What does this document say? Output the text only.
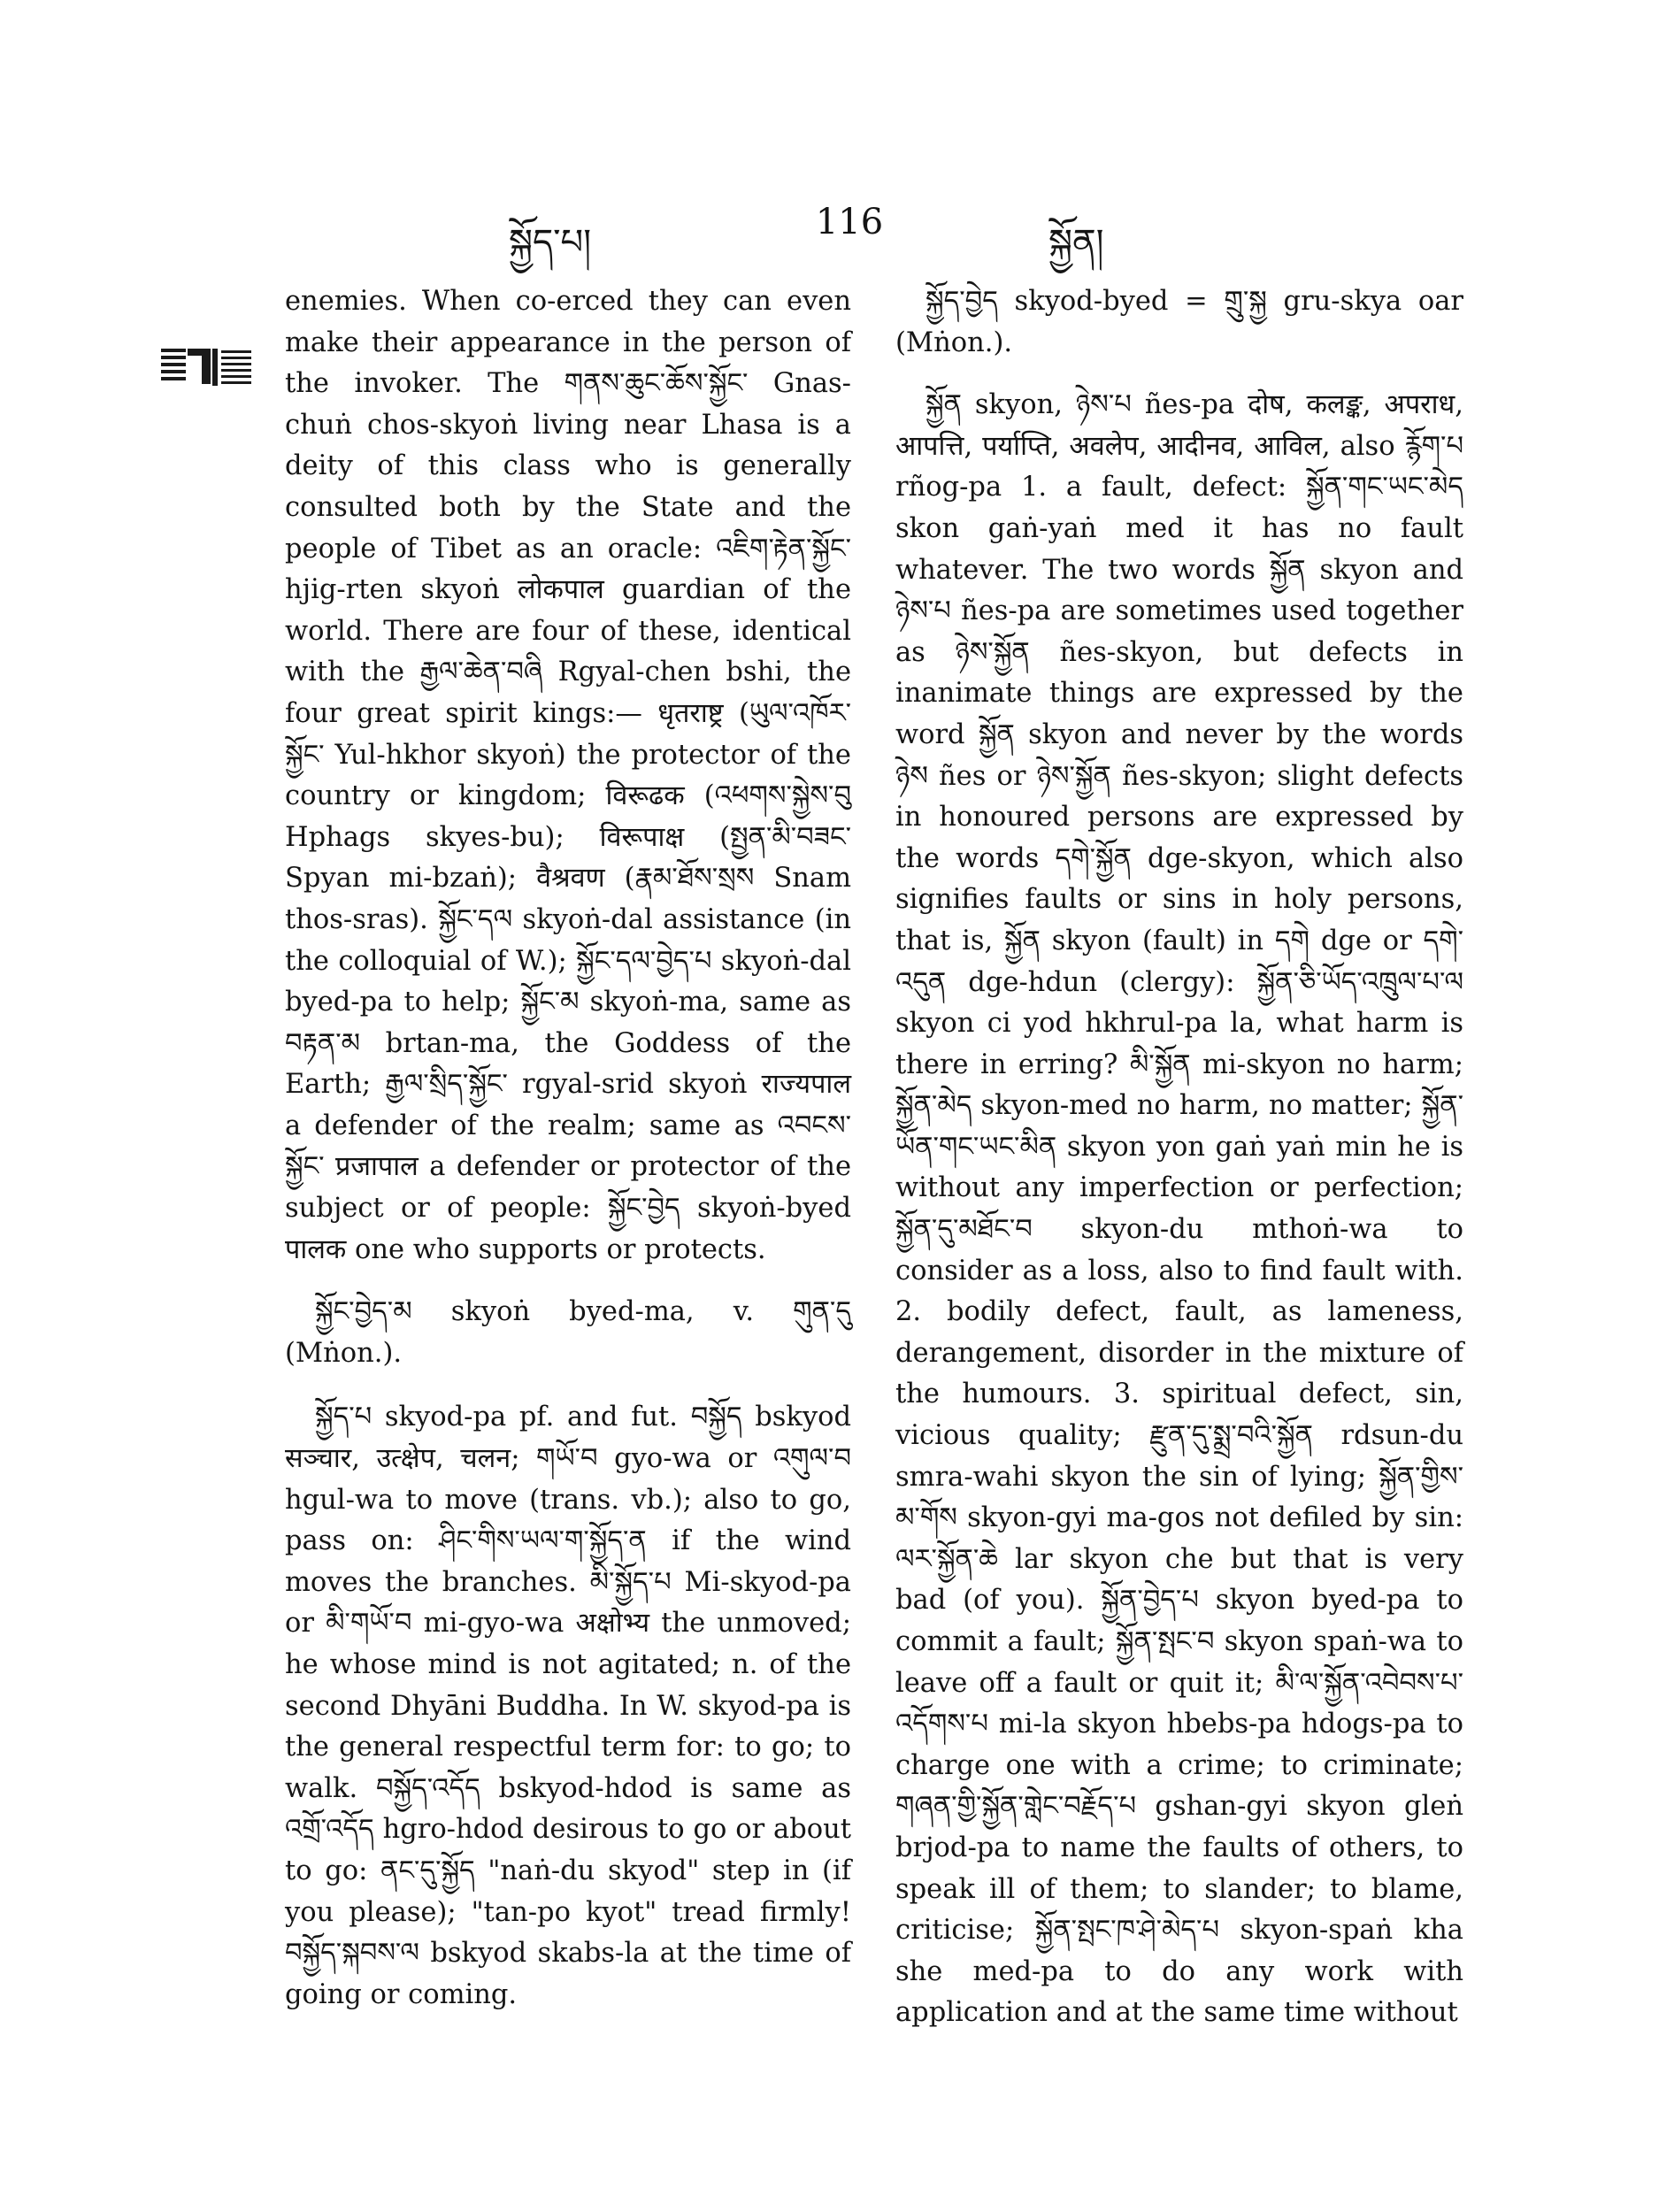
སྐྱོད་པ།	116	སྐྱོན།

enemies. When co-erced they can even make their appearance in the person of the invoker. The གནས་ཆུང་ཆོས་སྐྱོང་ Gnas-chuṅ chos-skyoṅ living near Lhasa is a deity of this class who is generally consulted both by the State and the people of Tibet as an oracle: འཇིག་རྟེན་སྐྱོང་ hjig-rten skyoṅ लोकपाल guardian of the world. There are four of these, identical with the རྒྱལ་ཆེན་བཞི Rgyal-chen bshi, the four great spirit kings:— धृतराष्ट्र (ཡུལ་འཁོར་སྐྱོང་ Yul-hkhor skyoṅ) the protector of the country or kingdom; विरूढक (འཕགས་སྐྱེས་བུ Hphags skyes-bu); विरूपाक्ष (སྤྱན་མི་བཟང་ Spyan mi-bzaṅ); वैश्रवण (རྣམ་ཐོས་སྲས Snam thos-sras). སྐྱོང་དལ skyoṅ-dal assistance (in the colloquial of W.); སྐྱོང་དལ་བྱེད་པ skyoṅ-dal byed-pa to help; སྐྱོང་མ skyoṅ-ma, same as བརྟན་མ brtan-ma, the Goddess of the Earth; རྒྱལ་སྲིད་སྐྱོང་ rgyal-srid skyoṅ राज्यपाल a defender of the realm; same as འབངས་སྐྱོང་ प्रजापाल a defender or protector of the subject or of people: སྐྱོང་བྱེད skyoṅ-byed पालक one who supports or protects.

སྐྱོང་བྱེད་མ skyoṅ byed-ma, v. གུན་དུ (Mṅon.).

སྐྱོད་པ skyod-pa pf. and fut. བསྐྱོད bskyod सञ्चार, उत्क्षेप, चलन; གཡོ་བ gyo-wa or འགུལ་བ hgul-wa to move (trans. vb.); also to go, pass on: ཤིང་གིས་ཡལ་ག་སྐྱོད་ན if the wind moves the branches. མི་སྐྱོད་པ Mi-skyod-pa or མི་གཡོ་བ mi-gyo-wa अक्षोभ्य the unmoved; he whose mind is not agitated; n. of the second Dhyāni Buddha. In W. skyod-pa is the general respectful term for: to go; to walk. བསྐྱོད་འདོད bskyod-hdod is same as འགྲོ་འདོད hgro-hdod desirous to go or about to go: ནང་དུ་སྐྱོད "naṅ-du skyod" step in (if you please); "tan-po kyot" tread firmly! བསྐྱོད་སྐབས་ལ bskyod skabs-la at the time of going or coming.

སྐྱོད་བྱེད skyod-byed = གྲུ་སྐྱ gru-skya oar (Mṅon.).

སྐྱོན skyon, ཉེས་པ ñes-pa दोष, कलङ्क, अपराध, आपत्ति, पर्याप्ति, अवलेप, आदीनव, आविल, also རྙོག་པ rñog-pa 1. a fault, defect: སྐྱོན་གང་ཡང་མེད skon gaṅ-yaṅ med it has no fault whatever. The two words སྐྱོན skyon and ཉེས་པ ñes-pa are sometimes used together as ཉེས་སྐྱོན ñes-skyon, but defects in inanimate things are expressed by the word སྐྱོན skyon and never by the words ཉེས ñes or ཉེས་སྐྱོན ñes-skyon; slight defects in honoured persons are expressed by the words དགེ་སྐྱོན dge-skyon, which also signifies faults or sins in holy persons, that is, སྐྱོན skyon (fault) in དགེ dge or དགེ་འདུན dge-hdun (clergy): སྐྱོན་ཅི་ཡོད་འཁྲུལ་པ་ལ skyon ci yod hkhrul-pa la, what harm is there in erring? མི་སྐྱོན mi-skyon no harm; སྐྱོན་མེད skyon-med no harm, no matter; སྐྱོན་ཡོན་གང་ཡང་མིན skyon yon gaṅ yaṅ min he is without any imperfection or perfection; སྐྱོན་དུ་མཐོང་བ skyon-du mthoṅ-wa to consider as a loss, also to find fault with. 2. bodily defect, fault, as lameness, derangement, disorder in the mixture of the humours. 3. spiritual defect, sin, vicious quality; རྫུན་དུ་སྨྲ་བའི་སྐྱོན rdsun-du smra-wahi skyon the sin of lying; སྐྱོན་གྱིས་མ་གོས skyon-gyi ma-gos not defiled by sin: ལར་སྐྱོན་ཆེ lar skyon che but that is very bad (of you). སྐྱོན་བྱེད་པ skyon byed-pa to commit a fault; སྐྱོན་སྤང་བ skyon spaṅ-wa to leave off a fault or quit it; མི་ལ་སྐྱོན་འབེབས་པ་འདོགས་པ mi-la skyon hbebs-pa hdogs-pa to charge one with a crime; to criminate; གཞན་གྱི་སྐྱོན་གླེང་བརྗོད་པ gshan-gyi skyon gleṅ brjod-pa to name the faults of others, to speak ill of them; to slander; to blame, criticise; སྐྱོན་སྤང་ཁ་ཤེ་མེད་པ skyon-spaṅ kha she med-pa to do any work with application and at the same time without
